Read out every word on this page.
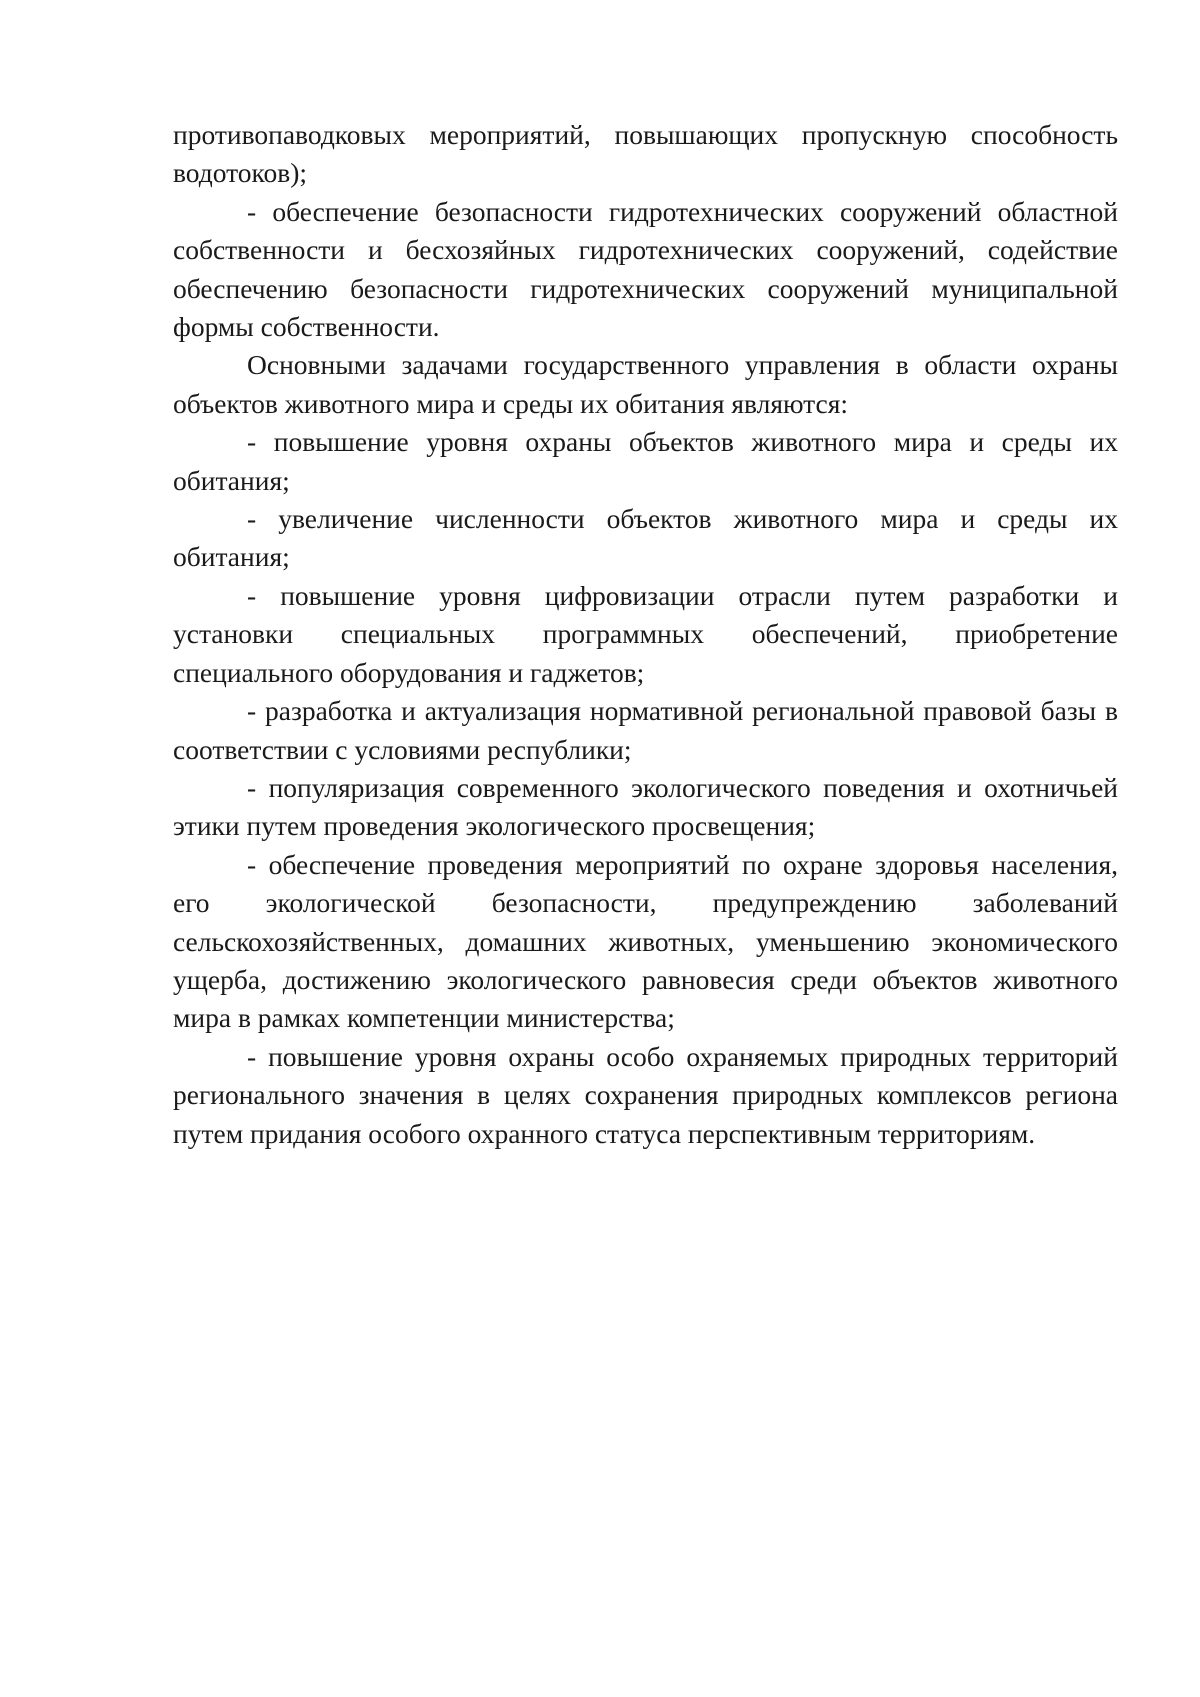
противопаводковых мероприятий, повышающих пропускную способность водотоков);

- обеспечение безопасности гидротехнических сооружений областной собственности и бесхозяйных гидротехнических сооружений, содействие обеспечению безопасности гидротехнических сооружений муниципальной формы собственности.

Основными задачами государственного управления в области охраны объектов животного мира и среды их обитания являются:

- повышение уровня охраны объектов животного мира и среды их обитания;

- увеличение численности объектов животного мира и среды их обитания;

- повышение уровня цифровизации отрасли путем разработки и установки специальных программных обеспечений, приобретение специального оборудования и гаджетов;

- разработка и актуализация нормативной региональной правовой базы в соответствии с условиями республики;

- популяризация современного экологического поведения и охотничьей этики путем проведения экологического просвещения;

- обеспечение проведения мероприятий по охране здоровья населения, его экологической безопасности, предупреждению заболеваний сельскохозяйственных, домашних животных, уменьшению экономического ущерба, достижению экологического равновесия среди объектов животного мира в рамках компетенции министерства;

- повышение уровня охраны особо охраняемых природных территорий регионального значения в целях сохранения природных комплексов региона путем придания особого охранного статуса перспективным территориям.
